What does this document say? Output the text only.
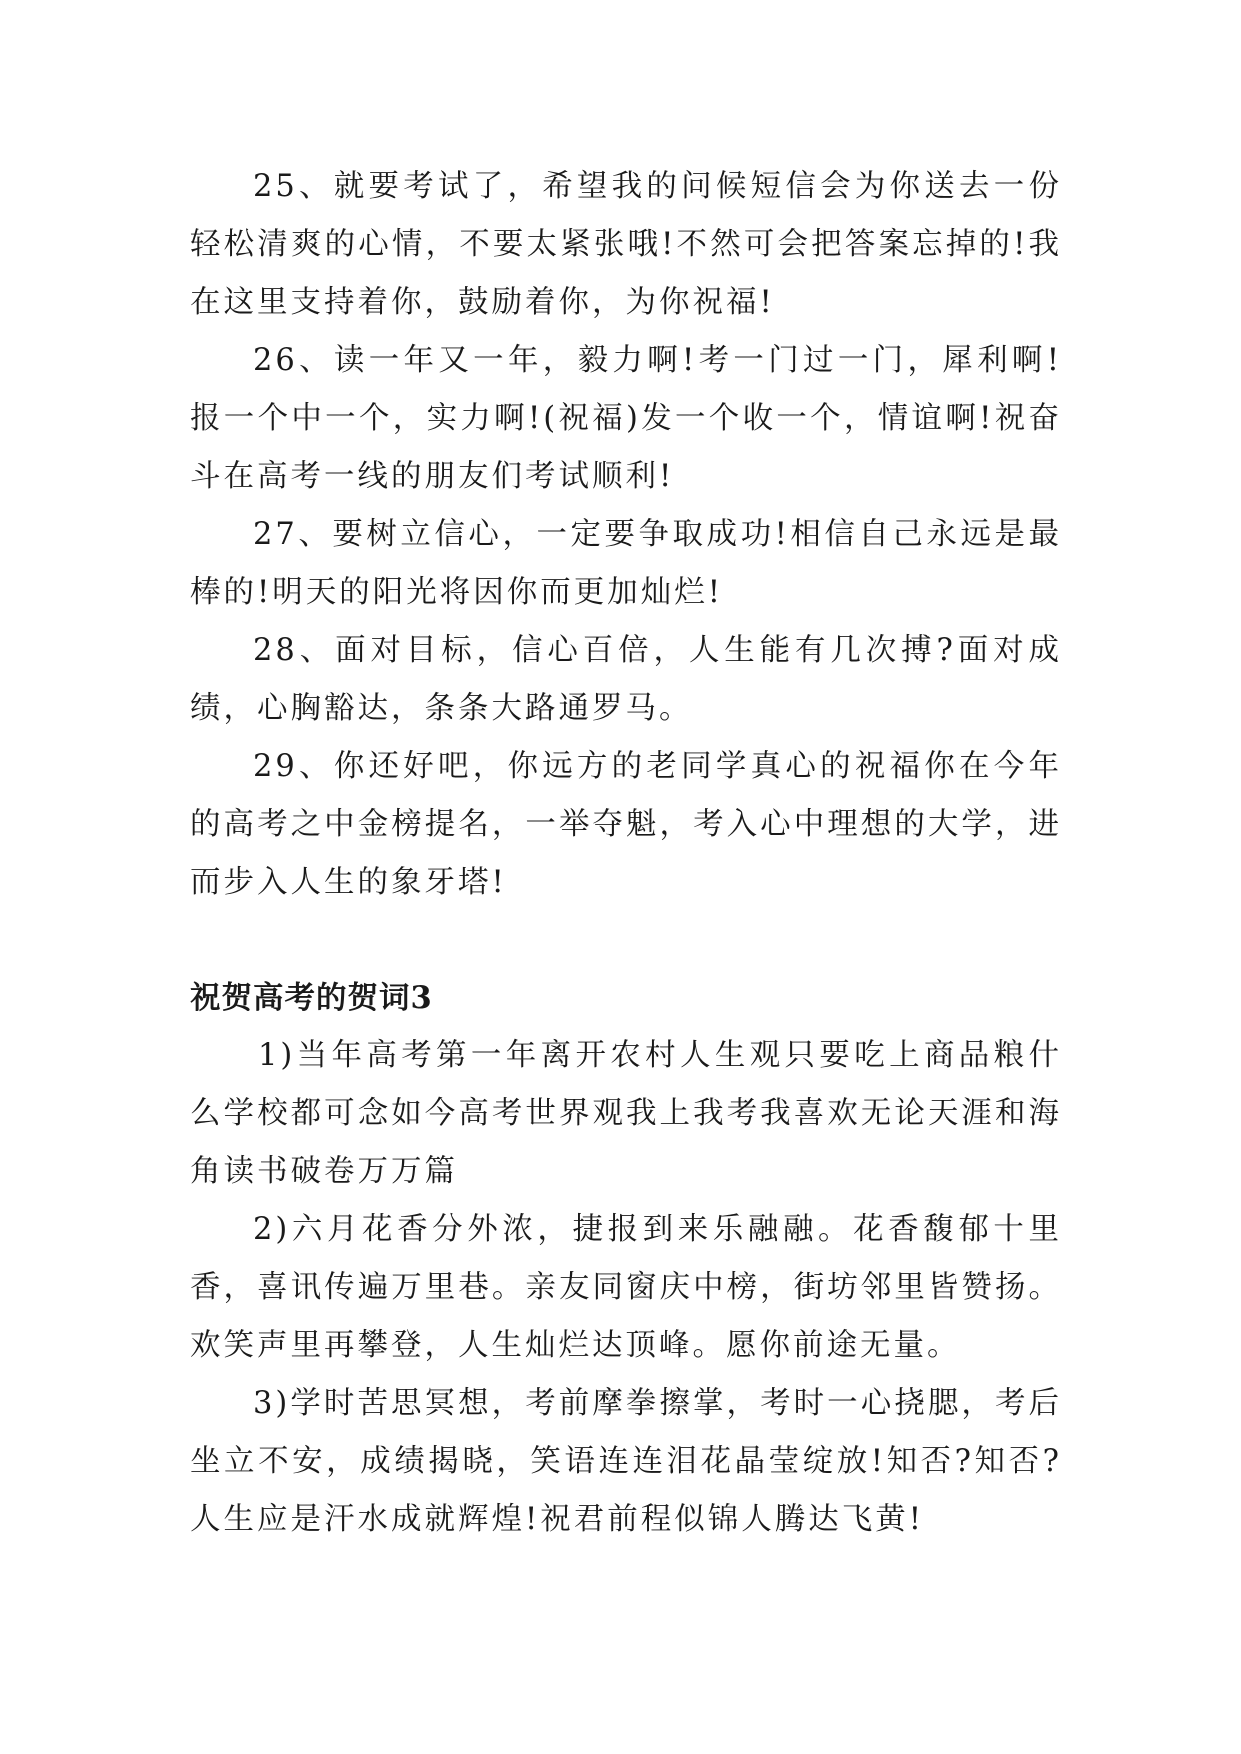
25、就要考试了，希望我的问候短信会为你送去一份轻松清爽的心情，不要太紧张哦!不然可会把答案忘掉的!我在这里支持着你，鼓励着你，为你祝福!

26、读一年又一年，毅力啊!考一门过一门，犀利啊!报一个中一个，实力啊!(祝福)发一个收一个，情谊啊!祝奋斗在高考一线的朋友们考试顺利!

27、要树立信心，一定要争取成功!相信自己永远是最棒的!明天的阳光将因你而更加灿烂!

28、面对目标，信心百倍，人生能有几次搏?面对成绩，心胸豁达，条条大路通罗马。

29、你还好吧，你远方的老同学真心的祝福你在今年的高考之中金榜提名，一举夺魁，考入心中理想的大学，进而步入人生的象牙塔!

祝贺高考的贺词3

1)当年高考第一年离开农村人生观只要吃上商品粮什么学校都可念如今高考世界观我上我考我喜欢无论天涯和海角读书破卷万万篇

2)六月花香分外浓，捷报到来乐融融。花香馥郁十里香，喜讯传遍万里巷。亲友同窗庆中榜，街坊邻里皆赞扬。欢笑声里再攀登，人生灿烂达顶峰。愿你前途无量。

3)学时苦思冥想，考前摩拳擦掌，考时一心挠腮，考后坐立不安，成绩揭晓，笑语连连泪花晶莹绽放!知否?知否?人生应是汗水成就辉煌!祝君前程似锦人腾达飞黄!
